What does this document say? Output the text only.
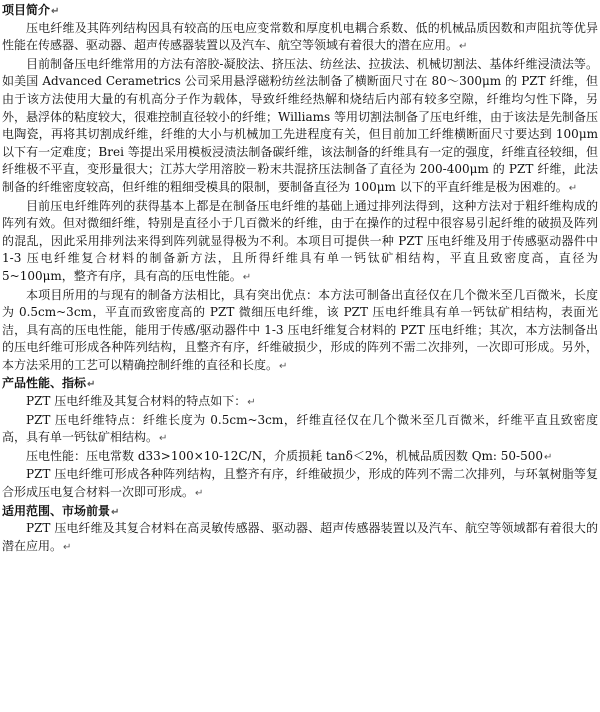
项目简介↵

压电纤维及其阵列结构因具有较高的压电应变常数和厚度机电耦合系数、低的机械品质因数和声阻抗等优异性能在传感器、驱动器、超声传感器装置以及汽车、航空等领域有着很大的潜在应用。↵

目前制备压电纤维常用的方法有溶胶-凝胶法、挤压法、纺丝法、拉拔法、机械切割法、基体纤维浸渍法等。如美国 Advanced Cerametrics 公司采用悬浮磁粉纺丝法制备了横断面尺寸在 80～300μm 的 PZT 纤维，但由于该方法使用大量的有机高分子作为载体，导致纤维经热解和烧结后内部有较多空隙，纤维均匀性下降，另外，悬浮体的粘度较大，很难控制直径较小的纤维；Williams 等用切割法制备了压电纤维，由于该法是先制备压电陶瓷，再将其切割成纤维，纤维的大小与机械加工先进程度有关，但目前加工纤维横断面尺寸要达到 100μm 以下有一定难度；Brei 等提出采用模板浸渍法制备碳纤维，该法制备的纤维具有一定的强度，纤维直径较细，但纤维极不平直，变形量很大；江苏大学用溶胶－粉末共混挤压法制备了直径为 200-400μm 的 PZT 纤维，此法制备的纤维密度较高，但纤维的粗细受模具的限制，要制备直径为 100μm 以下的平直纤维是极为困难的。↵

目前压电纤维阵列的获得基本上都是在制备压电纤维的基础上通过排列法得到，这种方法对于粗纤维构成的阵列有效。但对微细纤维，特别是直径小于几百微米的纤维，由于在操作的过程中很容易引起纤维的破损及阵列的混乱，因此采用排列法来得到阵列就显得极为不利。本项目可提供一种 PZT 压电纤维及用于传感驱动器件中 1-3 压电纤维复合材料的制备新方法，且所得纤维具有单一钙钛矿相结构，平直且致密度高，直径为 5~100μm，整齐有序，具有高的压电性能。↵

本项目所用的与现有的制备方法相比，具有突出优点：本方法可制备出直径仅在几个微米至几百微米，长度为 0.5cm~3cm，平直而致密度高的 PZT 微细压电纤维，该 PZT 压电纤维具有单一钙钛矿相结构，表面光洁，具有高的压电性能，能用于传感/驱动器件中 1-3 压电纤维复合材料的 PZT 压电纤维；其次，本方法制备出的压电纤维可形成各种阵列结构，且整齐有序，纤维破损少，形成的阵列不需二次排列，一次即可形成。另外，本方法采用的工艺可以精确控制纤维的直径和长度。↵

产品性能、指标↵

PZT 压电纤维及其复合材料的特点如下：↵

PZT 压电纤维特点：纤维长度为 0.5cm~3cm，纤维直径仅在几个微米至几百微米，纤维平直且致密度高，具有单一钙钛矿相结构。↵

压电性能：压电常数 d33>100×10-12C/N，介质损耗 tanδ＜2%，机械品质因数 Qm: 50-500↵

PZT 压电纤维可形成各种阵列结构，且整齐有序，纤维破损少，形成的阵列不需二次排列，与环氧树脂等复合形成压电复合材料一次即可形成。↵

适用范围、市场前景↵

PZT 压电纤维及其复合材料在高灵敏传感器、驱动器、超声传感器装置以及汽车、航空等领域都有着很大的潜在应用。↵
